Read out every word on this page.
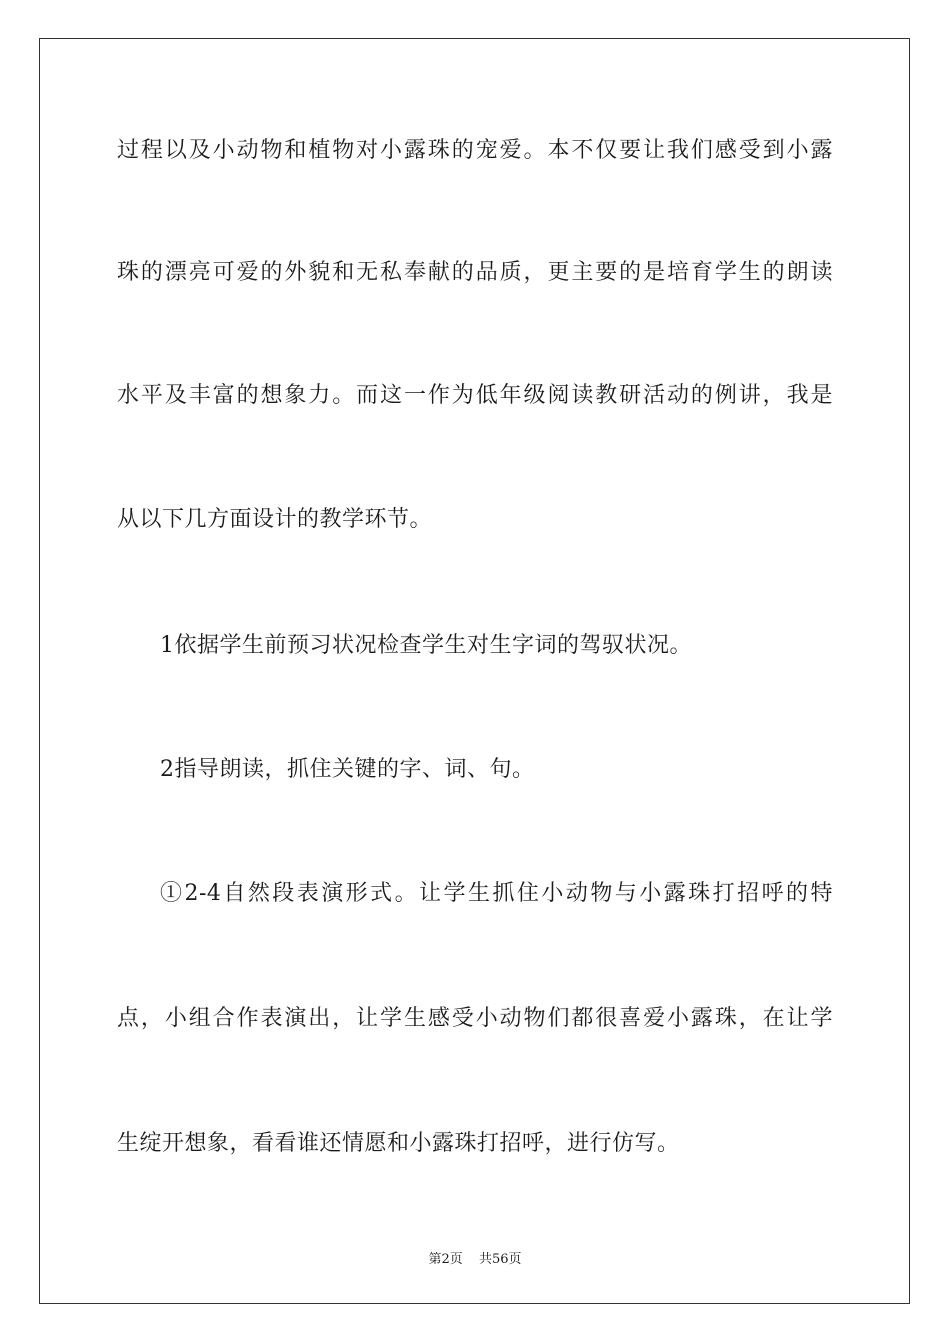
过程以及小动物和植物对小露珠的宠爱。本不仅要让我们感受到小露
珠的漂亮可爱的外貌和无私奉献的品质，更主要的是培育学生的朗读
水平及丰富的想象力。而这一作为低年级阅读教研活动的例讲，我是
从以下几方面设计的教学环节。
1依据学生前预习状况检查学生对生字词的驾驭状况。
2指导朗读，抓住关键的字、词、句。
①2-4自然段表演形式。让学生抓住小动物与小露珠打招呼的特
点，小组合作表演出，让学生感受小动物们都很喜爱小露珠，在让学
生绽开想象，看看谁还情愿和小露珠打招呼，进行仿写。
第2页 共56页
